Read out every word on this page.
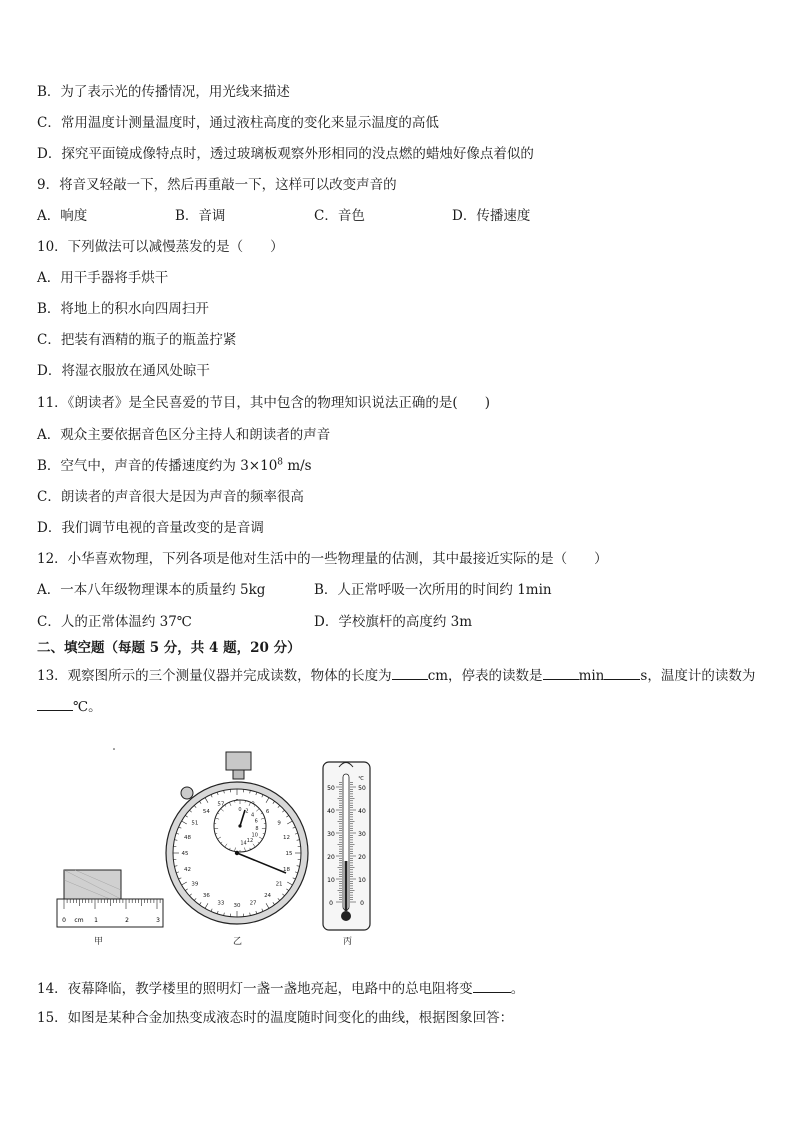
B．为了表示光的传播情况，用光线来描述
C．常用温度计测量温度时，通过液柱高度的变化来显示温度的高低
D．探究平面镜成像特点时，透过玻璃板观察外形相同的没点燃的蜡烛好像点着似的
9．将音叉轻敲一下，然后再重敲一下，这样可以改变声音的
A．响度	B．音调	C．音色	D．传播速度
10．下列做法可以减慢蒸发的是（　　）
A．用干手器将手烘干
B．将地上的积水向四周扫开
C．把装有酒精的瓶子的瓶盖拧紧
D．将湿衣服放在通风处晾干
11．《朗读者》是全民喜爱的节目，其中包含的物理知识说法正确的是(　　)
A．观众主要依据音色区分主持人和朗读者的声音
B．空气中，声音的传播速度约为 $3\times 10^8$ m/s
C．朗读者的声音很大是因为声音的频率很高
D．我们调节电视的音量改变的是音调
12．小华喜欢物理，下列各项是他对生活中的一些物理量的估测，其中最接近实际的是（　　）
A．一本八年级物理课本的质量约 5kg	B．人正常呼吸一次所用的时间约 1min
C．人的正常体温约 37℃	D．学校旗杆的高度约 3m
二、填空题（每题 5 分，共 4 题，20 分）
13．观察图所示的三个测量仪器并完成读数，物体的长度为	cm，停表的读数是	min	s，温度计的读数为
℃。
0 cm 1	2	3
6
9
12
15
18
21
24
27
30
33
36
39
42
45
48
51
54
57
0 2
4
6
8
10
12
14
℃
50
40
30
20
10
0
50
40
30
20
10
0
甲	乙	丙
14．夜幕降临，教学楼里的照明灯一盏一盏地亮起，电路中的总电阻将变	。
15．如图是某种合金加热变成液态时的温度随时间变化的曲线，根据图象回答：
